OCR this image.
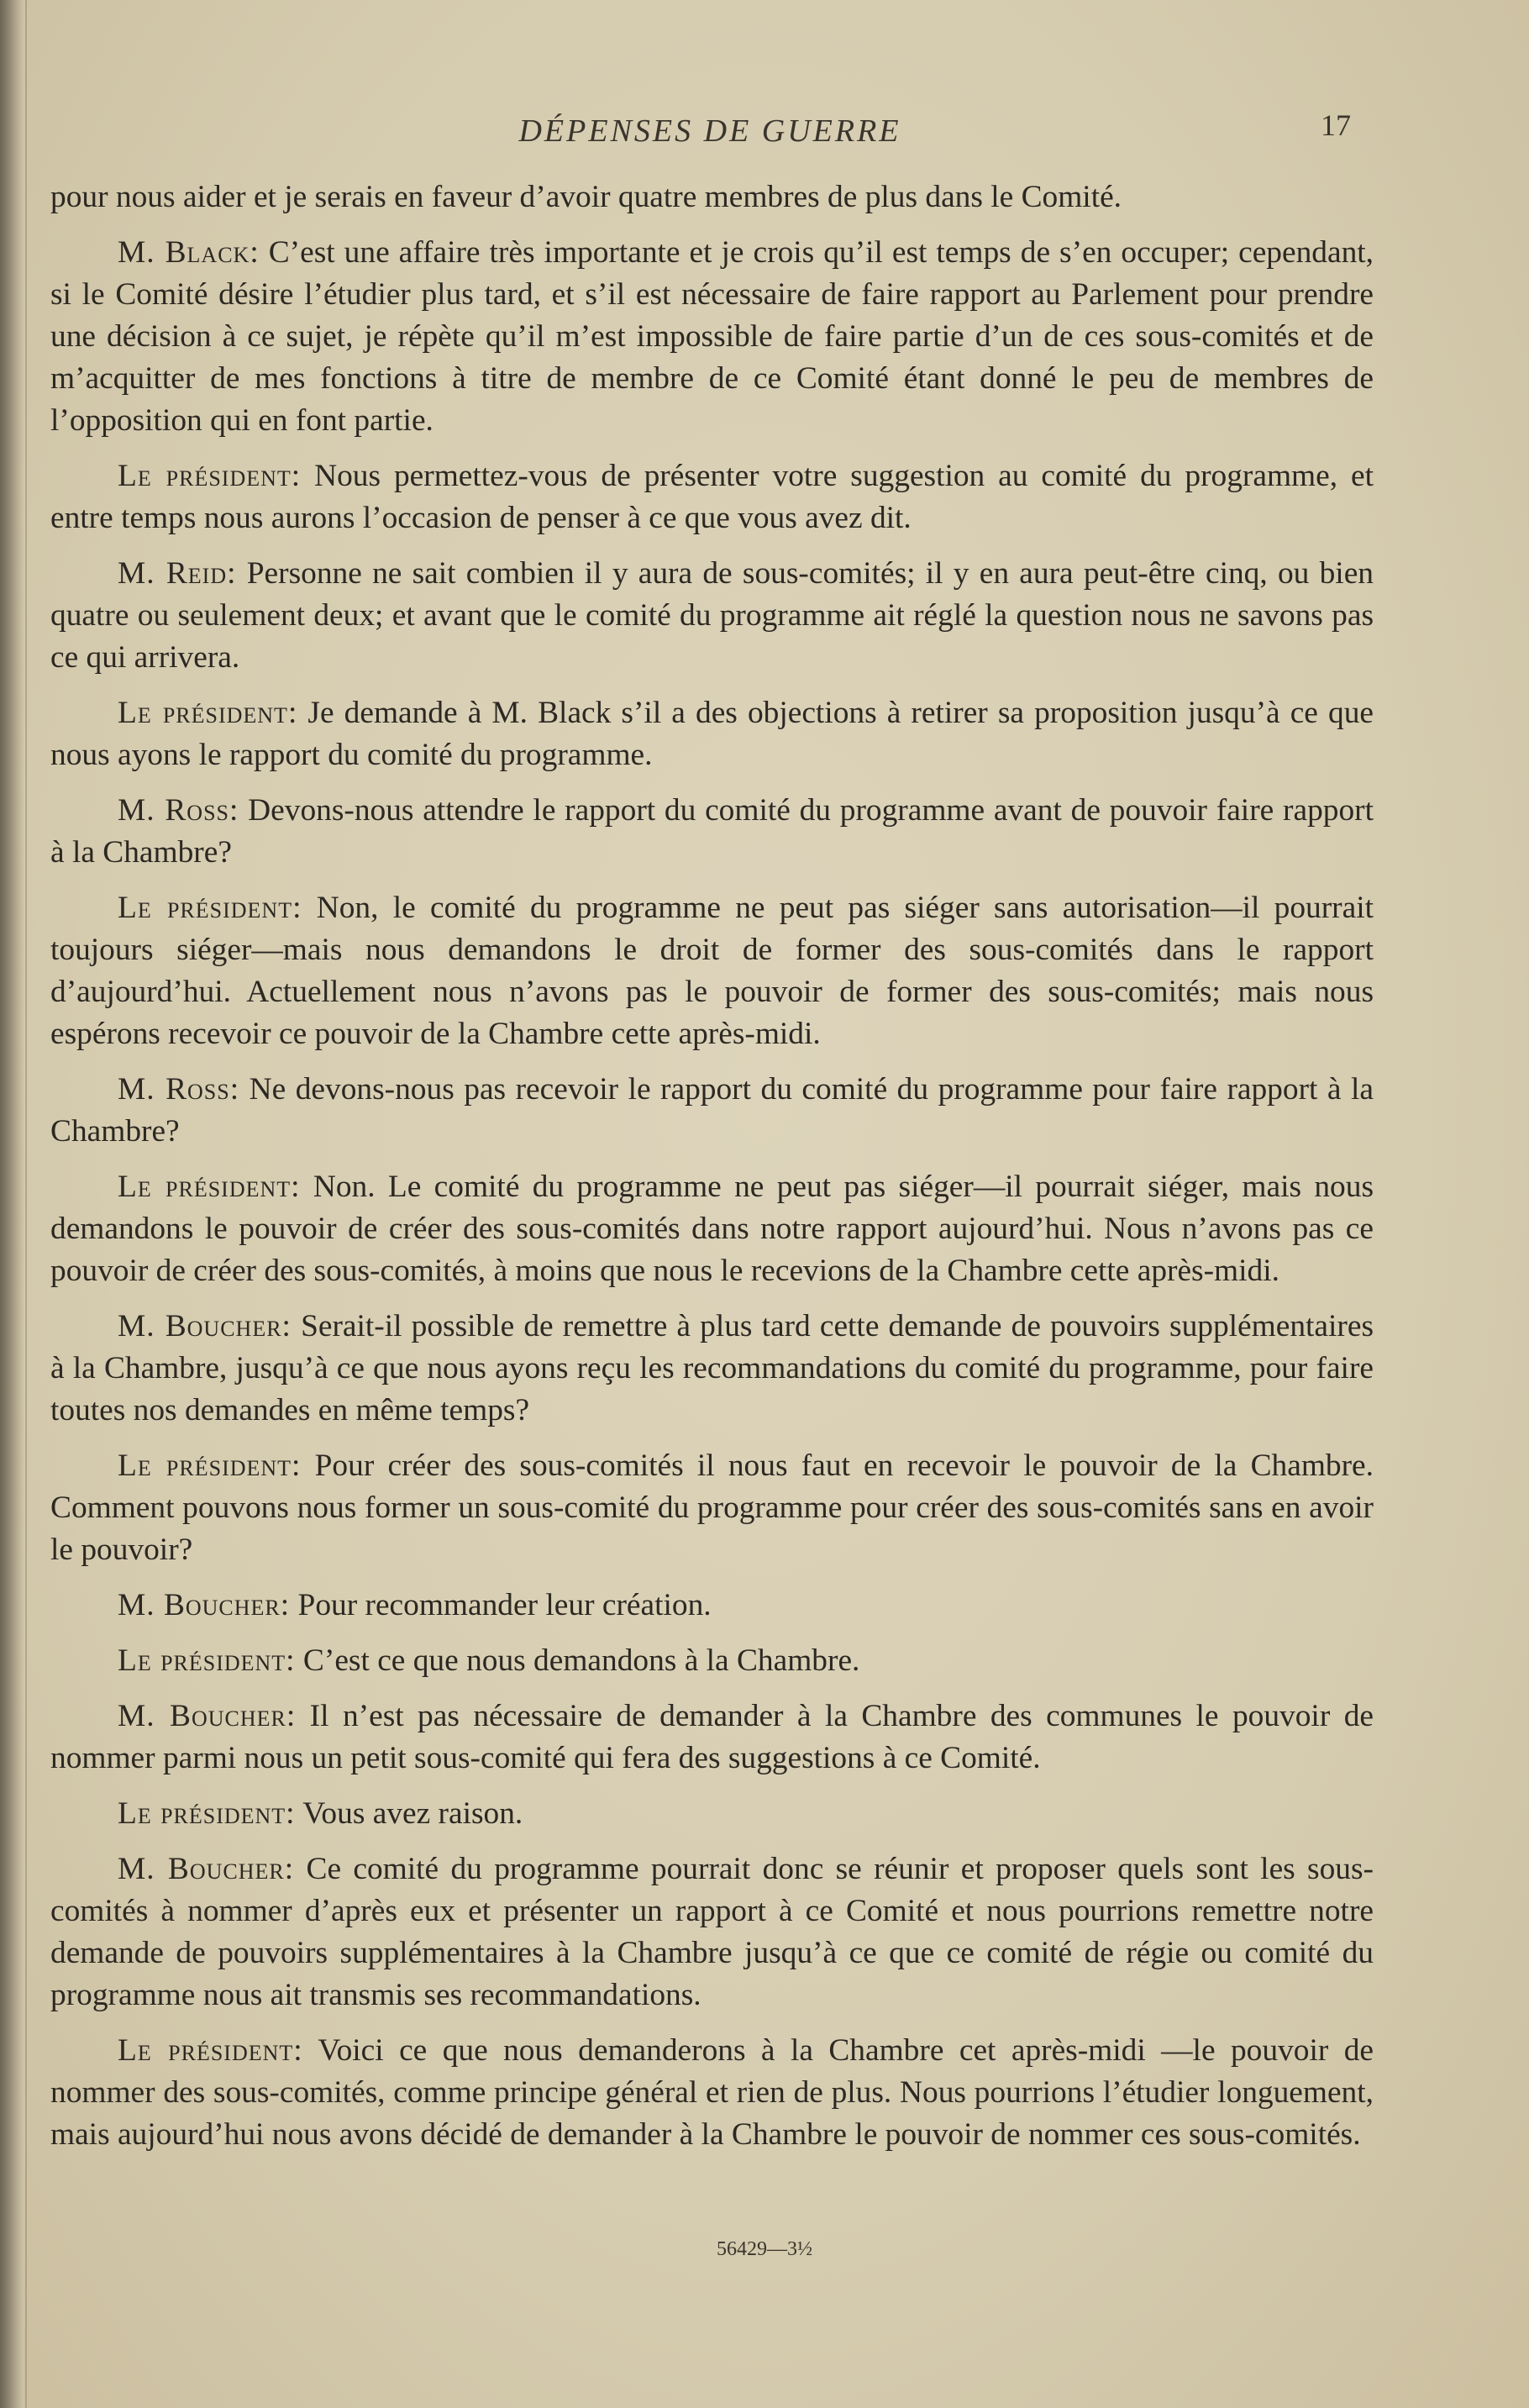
DÉPENSES DE GUERRE	17

pour nous aider et je serais en faveur d’avoir quatre membres de plus dans le Comité.

M. Black: C’est une affaire très importante et je crois qu’il est temps de s’en occuper; cependant, si le Comité désire l’étudier plus tard, et s’il est nécessaire de faire rapport au Parlement pour prendre une décision à ce sujet, je répète qu’il m’est impossible de faire partie d’un de ces sous-comités et de m’acquitter de mes fonctions à titre de membre de ce Comité étant donné le peu de membres de l’opposition qui en font partie.

Le président: Nous permettez-vous de présenter votre suggestion au comité du programme, et entre temps nous aurons l’occasion de penser à ce que vous avez dit.

M. Reid: Personne ne sait combien il y aura de sous-comités; il y en aura peut-être cinq, ou bien quatre ou seulement deux; et avant que le comité du programme ait réglé la question nous ne savons pas ce qui arrivera.

Le président: Je demande à M. Black s’il a des objections à retirer sa proposition jusqu’à ce que nous ayons le rapport du comité du programme.

M. Ross: Devons-nous attendre le rapport du comité du programme avant de pouvoir faire rapport à la Chambre?

Le président: Non, le comité du programme ne peut pas siéger sans autorisation—il pourrait toujours siéger—mais nous demandons le droit de former des sous-comités dans le rapport d’aujourd’hui. Actuellement nous n’avons pas le pouvoir de former des sous-comités; mais nous espérons recevoir ce pouvoir de la Chambre cette après-midi.

M. Ross: Ne devons-nous pas recevoir le rapport du comité du programme pour faire rapport à la Chambre?

Le président: Non. Le comité du programme ne peut pas siéger—il pourrait siéger, mais nous demandons le pouvoir de créer des sous-comités dans notre rapport aujourd’hui. Nous n’avons pas ce pouvoir de créer des sous-comités, à moins que nous le recevions de la Chambre cette après-midi.

M. Boucher: Serait-il possible de remettre à plus tard cette demande de pouvoirs supplémentaires à la Chambre, jusqu’à ce que nous ayons reçu les recommandations du comité du programme, pour faire toutes nos demandes en même temps?

Le président: Pour créer des sous-comités il nous faut en recevoir le pouvoir de la Chambre. Comment pouvons nous former un sous-comité du programme pour créer des sous-comités sans en avoir le pouvoir?

M. Boucher: Pour recommander leur création.

Le président: C’est ce que nous demandons à la Chambre.

M. Boucher: Il n’est pas nécessaire de demander à la Chambre des communes le pouvoir de nommer parmi nous un petit sous-comité qui fera des suggestions à ce Comité.

Le président: Vous avez raison.

M. Boucher: Ce comité du programme pourrait donc se réunir et proposer quels sont les sous-comités à nommer d’après eux et présenter un rapport à ce Comité et nous pourrions remettre notre demande de pouvoirs supplémentaires à la Chambre jusqu’à ce que ce comité de régie ou comité du programme nous ait transmis ses recommandations.

Le président: Voici ce que nous demanderons à la Chambre cet après-midi —le pouvoir de nommer des sous-comités, comme principe général et rien de plus. Nous pourrions l’étudier longuement, mais aujourd’hui nous avons décidé de demander à la Chambre le pouvoir de nommer ces sous-comités.

56429—3½
